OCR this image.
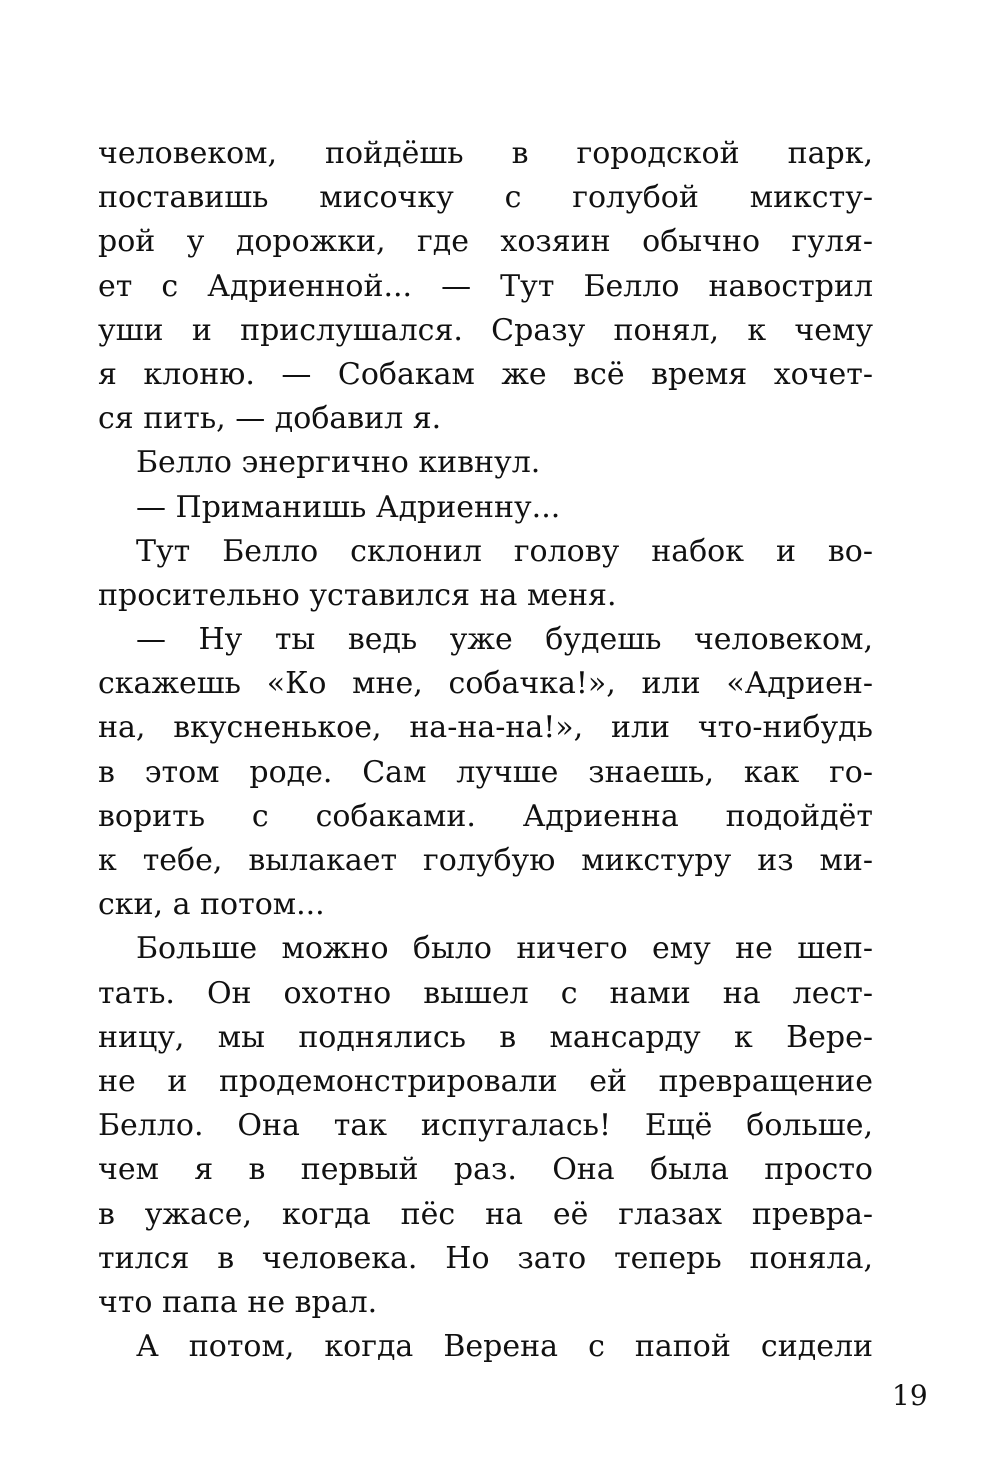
человеком, пойдёшь в городской парк,
поставишь мисочку с голубой миксту-
рой у дорожки, где хозяин обычно гуля-
ет с Адриенной... — Тут Белло навострил
уши и прислушался. Сразу понял, к чему
я клоню. — Собакам же всё время хочет-
ся пить, — добавил я.
Белло энергично кивнул.
— Приманишь Адриенну...
Тут Белло склонил голову набок и во-
просительно уставился на меня.
— Ну ты ведь уже будешь человеком,
скажешь «Ко мне, собачка!», или «Адриен-
на, вкусненькое, на-на-на!», или что-нибудь
в этом роде. Сам лучше знаешь, как го-
ворить с собаками. Адриенна подойдёт
к тебе, вылакает голубую микстуру из ми-
ски, а потом...
Больше можно было ничего ему не шеп-
тать. Он охотно вышел с нами на лест-
ницу, мы поднялись в мансарду к Вере-
не и продемонстрировали ей превращение
Белло. Она так испугалась! Ещё больше,
чем я в первый раз. Она была просто
в ужасе, когда пёс на её глазах превра-
тился в человека. Но зато теперь поняла,
что папа не врал.
А потом, когда Верена с папой сидели
19
